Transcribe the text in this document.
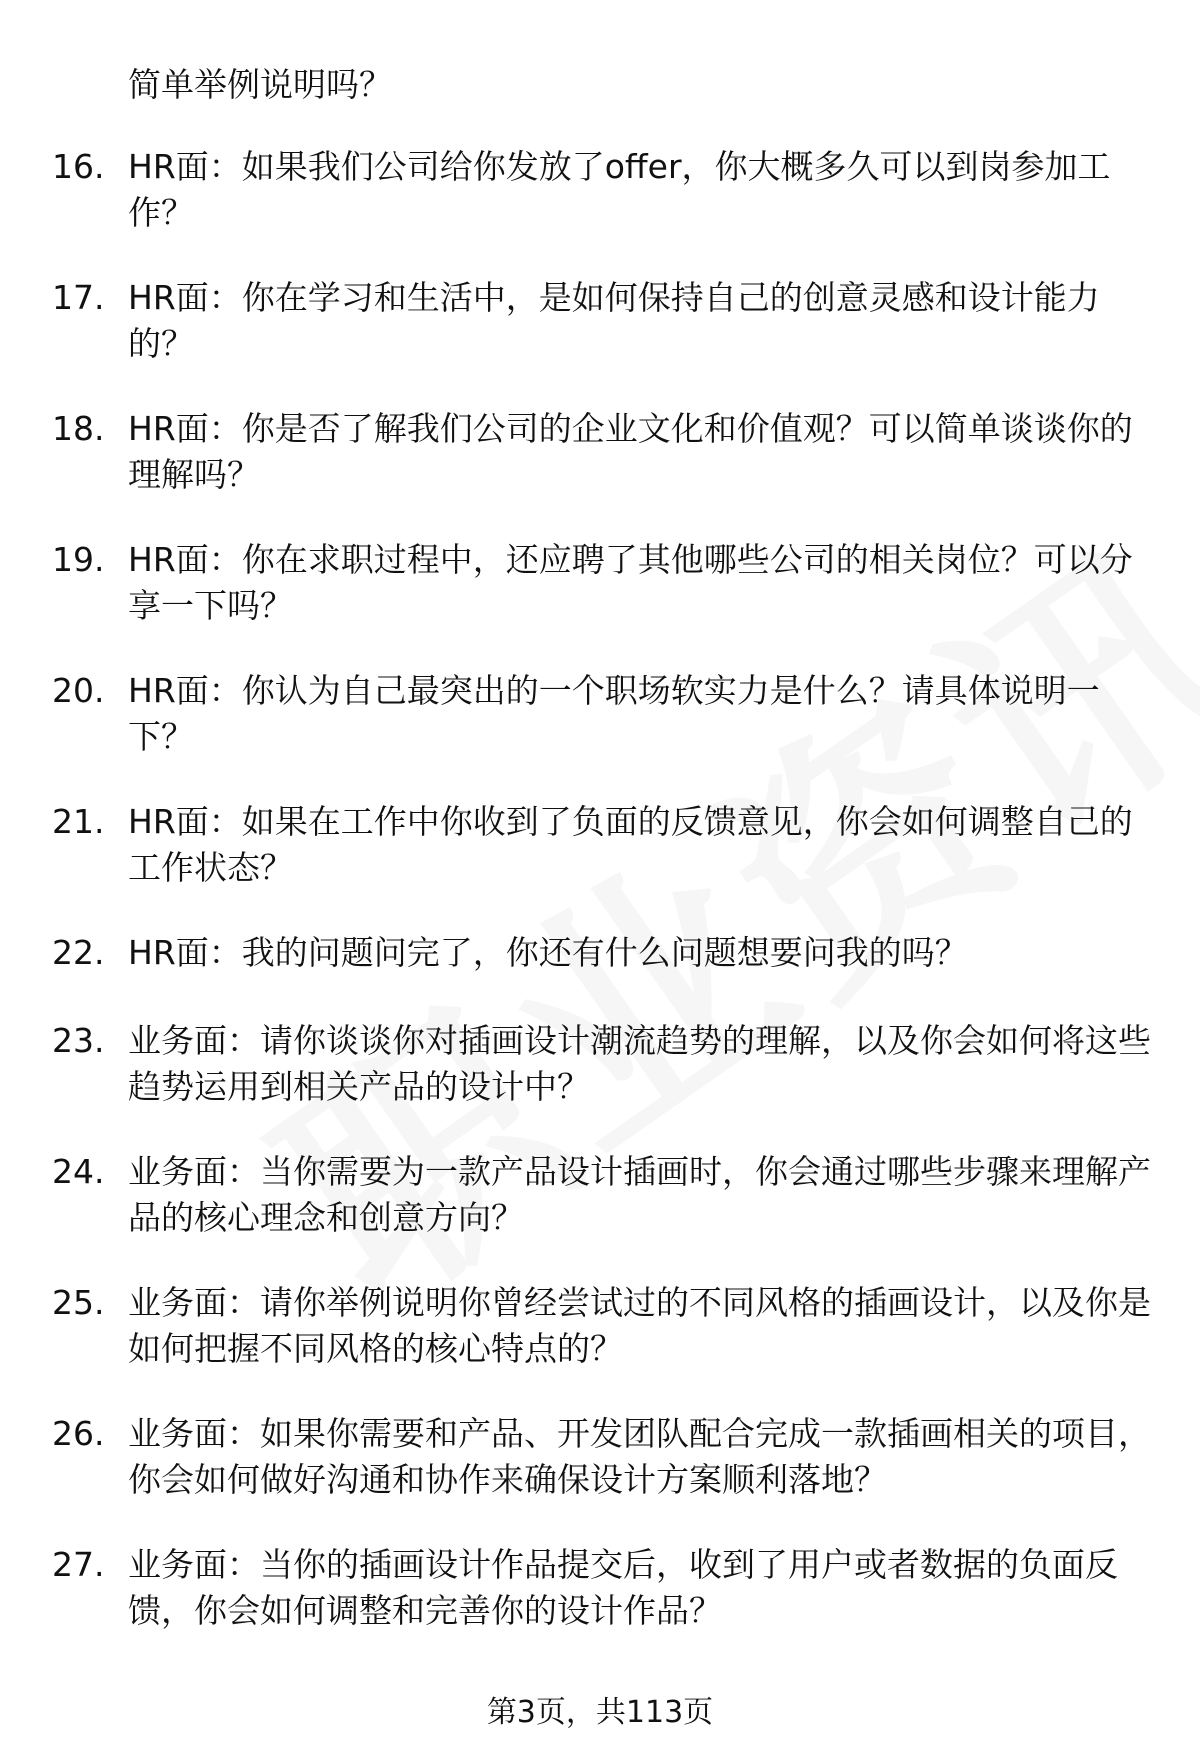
简单举例说明吗？
16. HR面：如果我们公司给你发放了offer，你大概多久可以到岗参加工作？
17. HR面：你在学习和生活中，是如何保持自己的创意灵感和设计能力的？
18. HR面：你是否了解我们公司的企业文化和价值观？可以简单谈谈你的理解吗？
19. HR面：你在求职过程中，还应聘了其他哪些公司的相关岗位？可以分享一下吗？
20. HR面：你认为自己最突出的一个职场软实力是什么？请具体说明一下？
21. HR面：如果在工作中你收到了负面的反馈意见，你会如何调整自己的工作状态？
22. HR面：我的问题问完了，你还有什么问题想要问我的吗？
23. 业务面：请你谈谈你对插画设计潮流趋势的理解，以及你会如何将这些趋势运用到相关产品的设计中？
24. 业务面：当你需要为一款产品设计插画时，你会通过哪些步骤来理解产品的核心理念和创意方向？
25. 业务面：请你举例说明你曾经尝试过的不同风格的插画设计，以及你是如何把握不同风格的核心特点的？
26. 业务面：如果你需要和产品、开发团队配合完成一款插画相关的项目，你会如何做好沟通和协作来确保设计方案顺利落地？
27. 业务面：当你的插画设计作品提交后，收到了用户或者数据的负面反馈，你会如何调整和完善你的设计作品？
第3页，共113页
